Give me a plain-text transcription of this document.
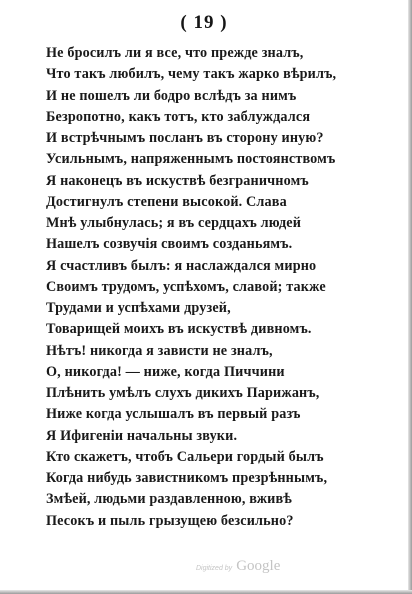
( 19 )
Не бросилъ ли я все, что прежде зналъ,
Что такъ любилъ, чему такъ жарко вѣрилъ,
И не пошелъ ли бодро вслѣдъ за нимъ
Безропотно, какъ тотъ, кто заблуждался
И встрѣчнымъ посланъ въ сторону иную?
Усильнымъ, напряженнымъ постоянствомъ
Я наконецъ въ искуствѣ безграничномъ
Достигнулъ степени высокой. Слава
Мнѣ улыбнулась; я въ сердцахъ людей
Нашелъ созвучія своимъ созданьямъ.
Я счастливъ былъ: я наслаждался мирно
Своимъ трудомъ, успѣхомъ, славой; также
Трудами и успѣхами друзей,
Товарищей моихъ въ искуствѣ дивномъ.
Нѣтъ! никогда я зависти не зналъ,
О, никогда! — ниже, когда Пиччини
Плѣнить умѣлъ слухъ дикихъ Парижанъ,
Ниже когда услышалъ въ первый разъ
Я Ифигеніи начальны звуки.
Кто скажетъ, чтобъ Сальери гордый былъ
Когда нибудь завистникомъ презрѣннымъ,
Змѣей, людьми раздавленною, вживѣ
Песокъ и пыль грызущею безсильно?
Digitized by Google
